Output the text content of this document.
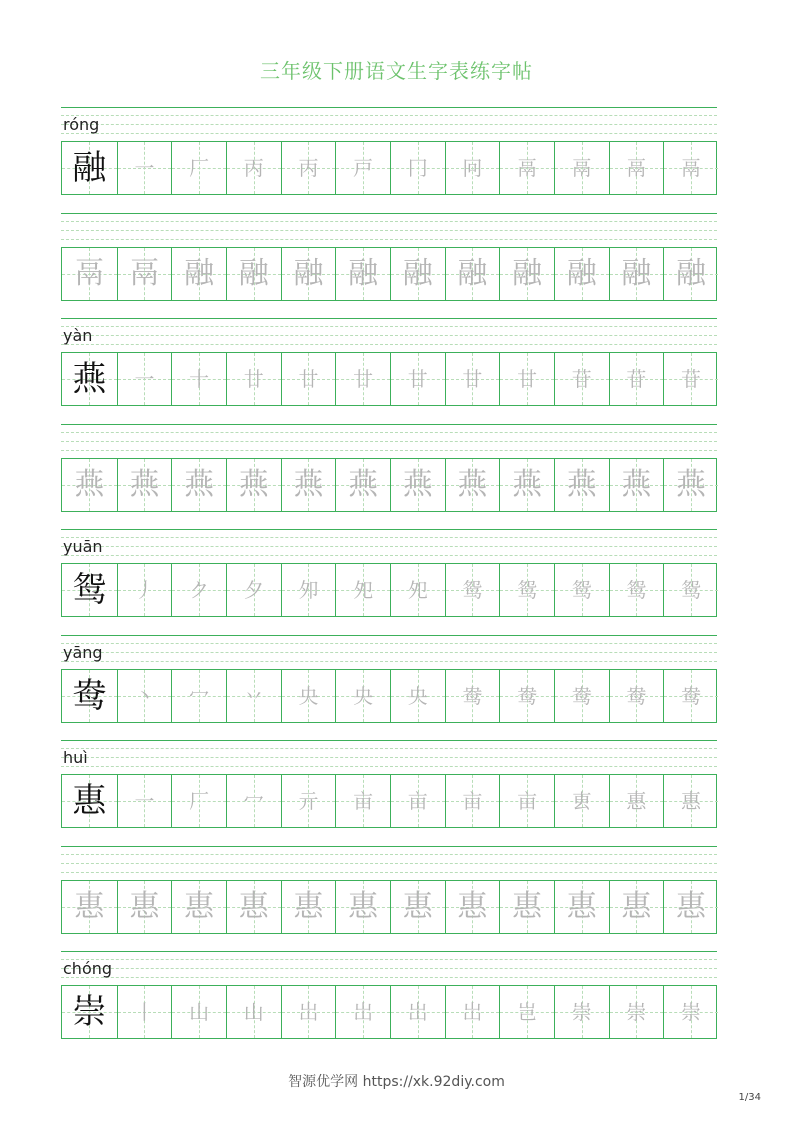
三年级下册语文生字表练字帖
róng
融 一 厂 丙 丙 戸 冂 冋 鬲 鬲 鬲 鬲
鬲 鬲 融 融 融 融 融 融 融 融 融 融
yàn
燕 一 十 廿 廿 廿 甘 甘 甘 苷 苷 苷
燕 燕 燕 燕 燕 燕 燕 燕 燕 燕 燕 燕
yuān
鸳 丿 ク 夕 夘 夗 夗 鸳 鸳 鸳 鸳 鸳
yāng
鸯 丶 冖 丷 央 央 央 鸯 鸯 鸯 鸯 鸯
huì
惠 一 厂 冖 亓 亩 亩 亩 亩 叀 惠 惠
惠 惠 惠 惠 惠 惠 惠 惠 惠 惠 惠 惠
chóng
崇 丨 山 山 岀 岀 岀 岀 岂 崇 崇 崇
智源优学网 https://xk.92diy.com
1/34
